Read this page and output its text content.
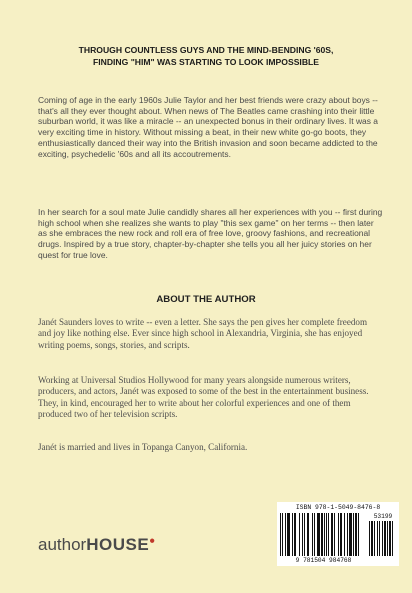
THROUGH COUNTLESS GUYS AND THE MIND-BENDING '60S, FINDING "HIM" WAS STARTING TO LOOK IMPOSSIBLE

Coming of age in the early 1960s Julie Taylor and her best friends were crazy about boys -- that's all they ever thought about. When news of The Beatles came crashing into their little suburban world, it was like a miracle -- an unexpected bonus in their ordinary lives. It was a very exciting time in history. Without missing a beat, in their new white go-go boots, they enthusiastically danced their way into the British invasion and soon became addicted to the exciting, psychedelic '60s and all its accoutrements.

In her search for a soul mate Julie candidly shares all her experiences with you -- first during high school when she realizes she wants to play "this sex game" on her terms -- then later as she embraces the new rock and roll era of free love, groovy fashions, and recreational drugs. Inspired by a true story, chapter-by-chapter she tells you all her juicy stories on her quest for true love.

ABOUT THE AUTHOR

Janét Saunders loves to write -- even a letter. She says the pen gives her complete freedom and joy like nothing else. Ever since high school in Alexandria, Virginia, she has enjoyed writing poems, songs, stories, and scripts.

Working at Universal Studios Hollywood for many years alongside numerous writers, producers, and actors, Janét was exposed to some of the best in the entertainment business. They, in kind, encouraged her to write about her colorful experiences and one of them produced two of her television scripts.

Janét is married and lives in Topanga Canyon, California.

authorHOUSE●
ISBN 978-1-5049-8476-8
53199
9 781504 984768
